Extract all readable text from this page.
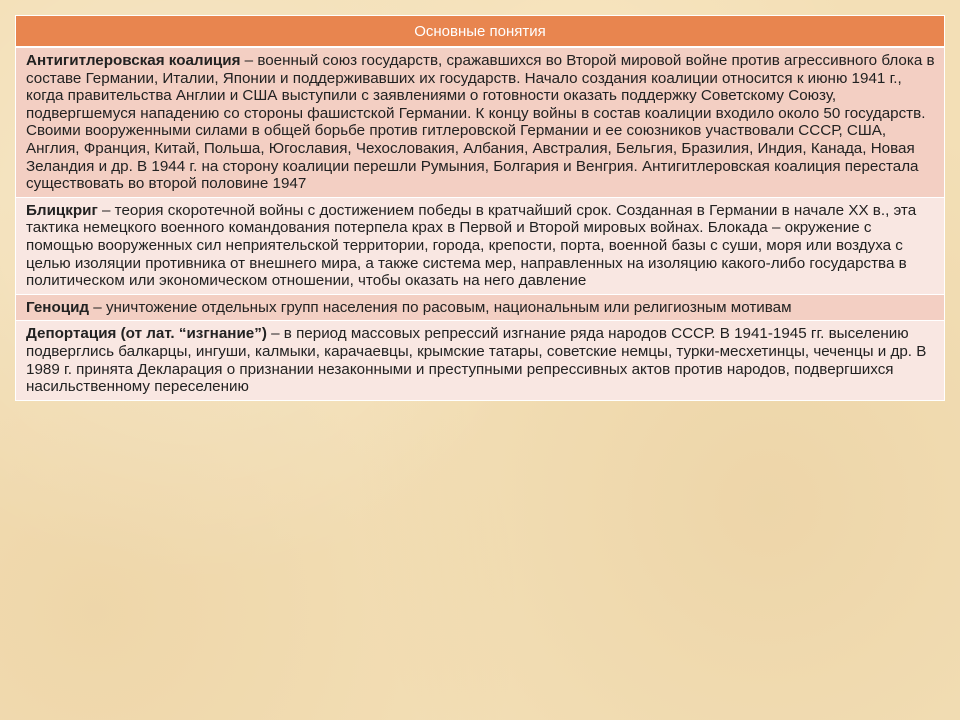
Основные понятия
Антигитлеровская коалиция – военный союз государств, сражавшихся во Второй мировой войне против агрессивного блока в составе Германии, Италии, Японии и поддерживавших их государств. Начало создания коалиции относится к июню 1941 г., когда правительства Англии и США выступили с заявлениями о готовности оказать поддержку Советскому Союзу, подвергшемуся нападению со стороны фашистской Германии. К концу войны в состав коалиции входило около 50 государств. Своими вооруженными силами в общей борьбе против гитлеровской Германии и ее союзников участвовали СССР, США, Англия, Франция, Китай, Польша, Югославия, Чехословакия, Албания, Австралия, Бельгия, Бразилия, Индия, Канада, Новая Зеландия и др. В 1944 г. на сторону коалиции перешли Румыния, Болгария и Венгрия. Антигитлеровская коалиция перестала существовать во второй половине 1947
Блицкриг – теория скоротечной войны с достижением победы в кратчайший срок. Созданная в Германии в начале XX в., эта тактика немецкого военного командования потерпела крах в Первой и Второй мировых войнах. Блокада – окружение с помощью вооруженных сил неприятельской территории, города, крепости, порта, военной базы с суши, моря или воздуха с целью изоляции противника от внешнего мира, а также система мер, направленных на изоляцию какого-либо государства в политическом или экономическом отношении, чтобы оказать на него давление
Геноцид – уничтожение отдельных групп населения по расовым, национальным или религиозным мотивам
Депортация (от лат. “изгнание”) – в период массовых репрессий изгнание ряда народов СССР. В 1941-1945 гг. выселению подверглись балкарцы, ингуши, калмыки, карачаевцы, крымские татары, советские немцы, турки-месхетинцы, чеченцы и др. В 1989 г. принята Декларация о признании незаконными и преступными репрессивных актов против народов, подвергшихся насильственному переселению
